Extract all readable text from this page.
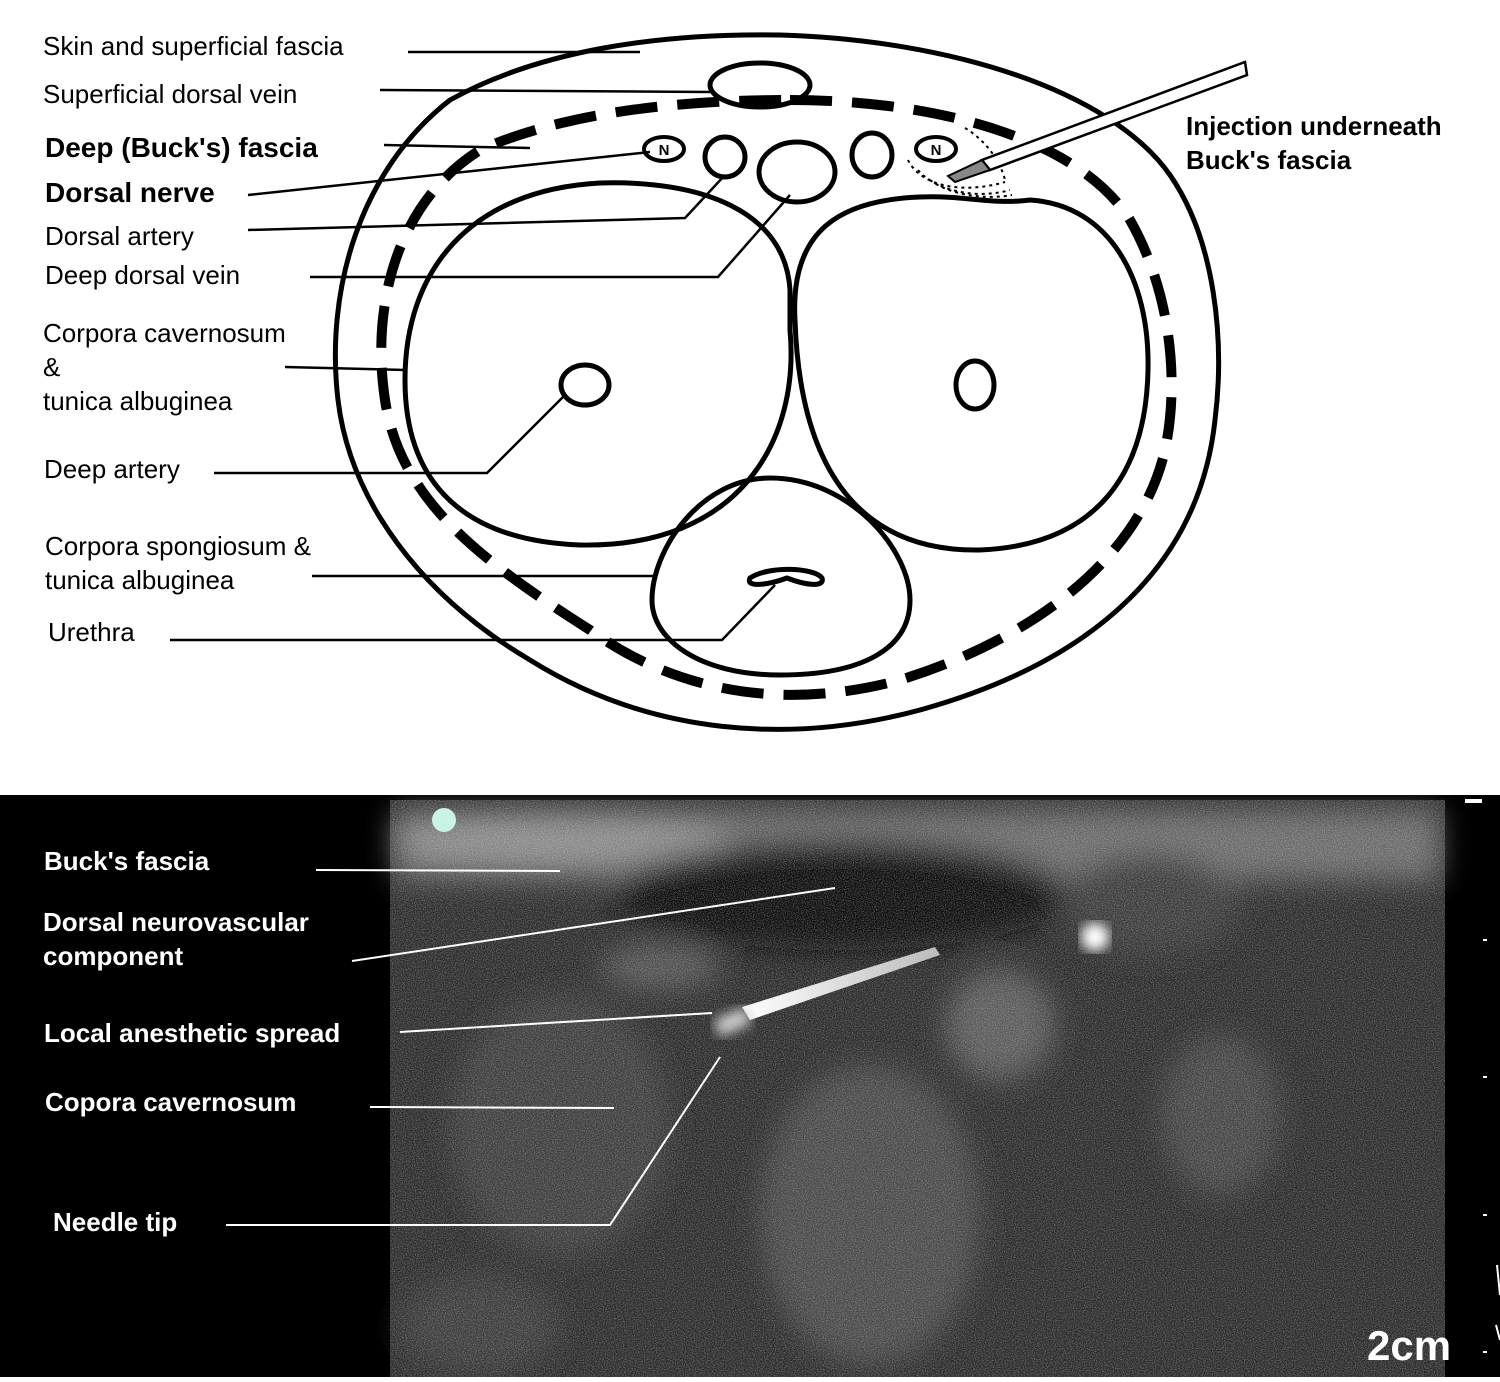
N	N
Skin and superficial fascia
Superficial dorsal vein
Deep (Buck's) fascia
Dorsal nerve
Dorsal artery
Deep dorsal vein
Corpora cavernosum
&
tunica albuginea
Deep artery
Corpora spongiosum &
tunica albuginea
Urethra
Injection underneath
Buck's fascia
Buck's fascia
Dorsal neurovascular
component
Local anesthetic spread
Copora cavernosum
Needle tip
2cm
